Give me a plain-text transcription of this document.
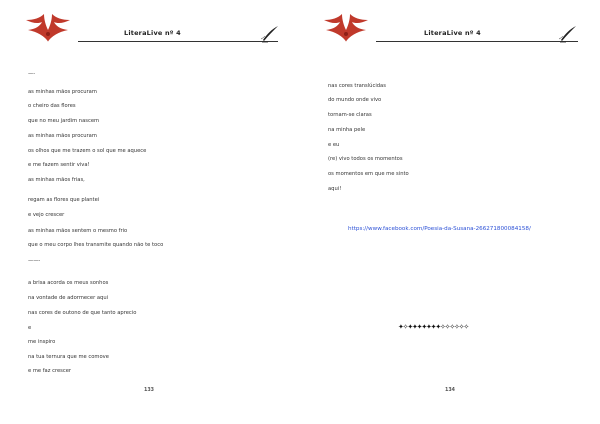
LiteraLive nº 4
—-
as minhas mãos procuram
o cheiro das flores
que no meu jardim nascem
as minhas mãos procuram
os olhos que me trazem o sol que me aquece
e me fazem sentir viva!
as minhas mãos frias,
regam as flores que plantei
e vejo crescer
as minhas mãos sentem o mesmo frio
que o meu corpo lhes transmite quando não te toco
——-
a brisa acorda os meus sonhos
na vontade de adormecer aqui
nas cores de outono de que tanto aprecio
e
me inspiro
na tua ternura que me comove
e me faz crescer
133
LiteraLive nº 4
nas cores translúcidas
do mundo onde vivo
tornam-se claras
na minha pele
e eu
(re) vivo todos os momentos
os momentos em que me sinto
aqui!
https://www.facebook.com/Poesia-da-Susana-266271800084158/
134
✦✧✦✦✦✦✦✦✦✧✧✧✧✧✧
